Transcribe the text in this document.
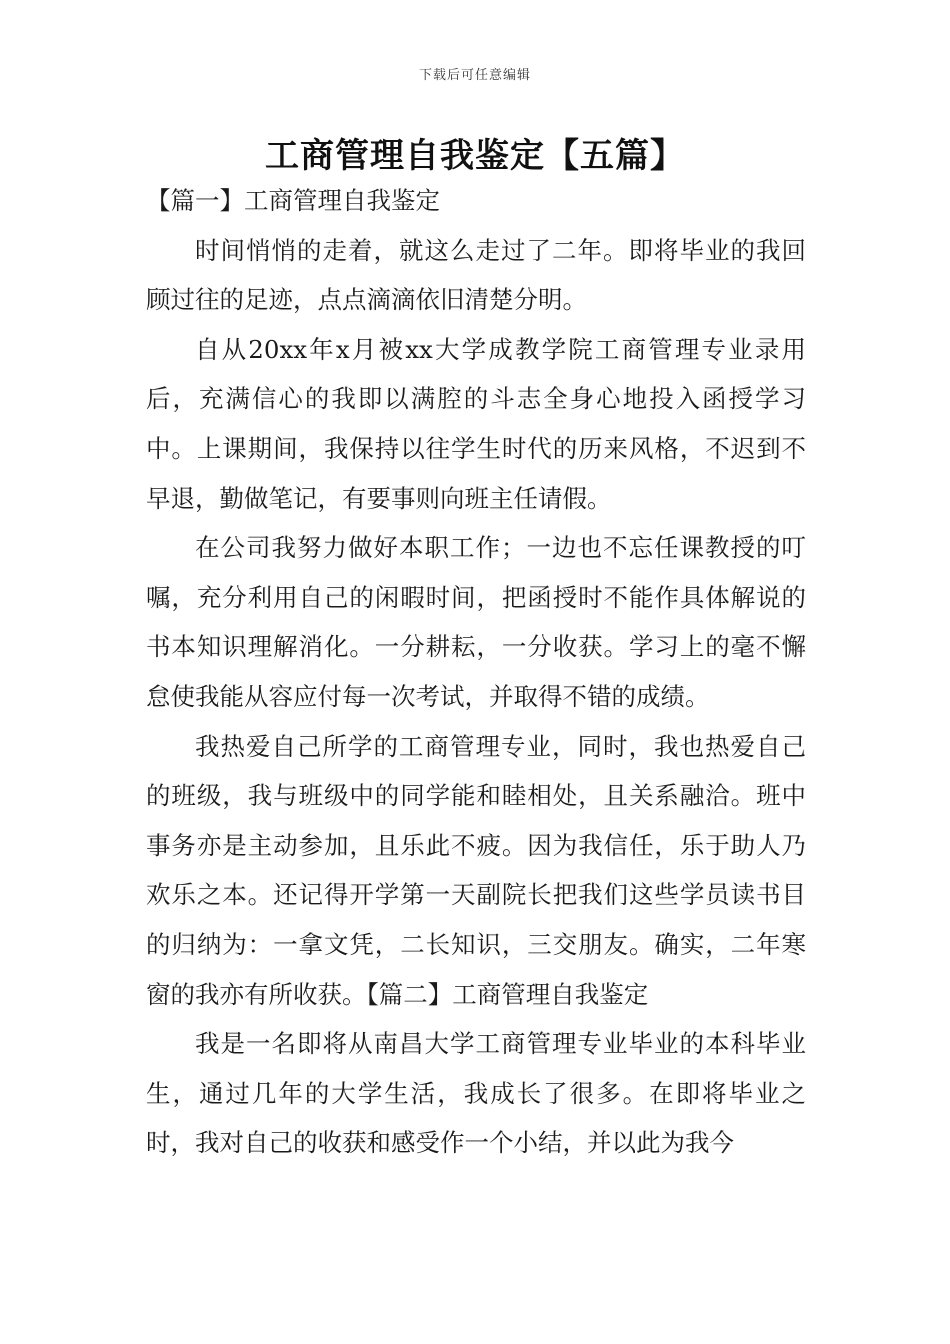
下载后可任意编辑
工商管理自我鉴定【五篇】

【篇一】工商管理自我鉴定

时间悄悄的走着，就这么走过了二年。即将毕业的我回顾过往的足迹，点点滴滴依旧清楚分明。

自从20xx年x月被xx大学成教学院工商管理专业录用后，充满信心的我即以满腔的斗志全身心地投入函授学习中。上课期间，我保持以往学生时代的历来风格，不迟到不早退，勤做笔记，有要事则向班主任请假。

在公司我努力做好本职工作；一边也不忘任课教授的叮嘱，充分利用自己的闲暇时间，把函授时不能作具体解说的书本知识理解消化。一分耕耘，一分收获。学习上的毫不懈怠使我能从容应付每一次考试，并取得不错的成绩。

我热爱自己所学的工商管理专业，同时，我也热爱自己的班级，我与班级中的同学能和睦相处，且关系融洽。班中事务亦是主动参加，且乐此不疲。因为我信任，乐于助人乃欢乐之本。还记得开学第一天副院长把我们这些学员读书目的归纳为：一拿文凭，二长知识，三交朋友。确实，二年寒窗的我亦有所收获。【篇二】工商管理自我鉴定

我是一名即将从南昌大学工商管理专业毕业的本科毕业生，通过几年的大学生活，我成长了很多。在即将毕业之时，我对自己的收获和感受作一个小结，并以此为我今
